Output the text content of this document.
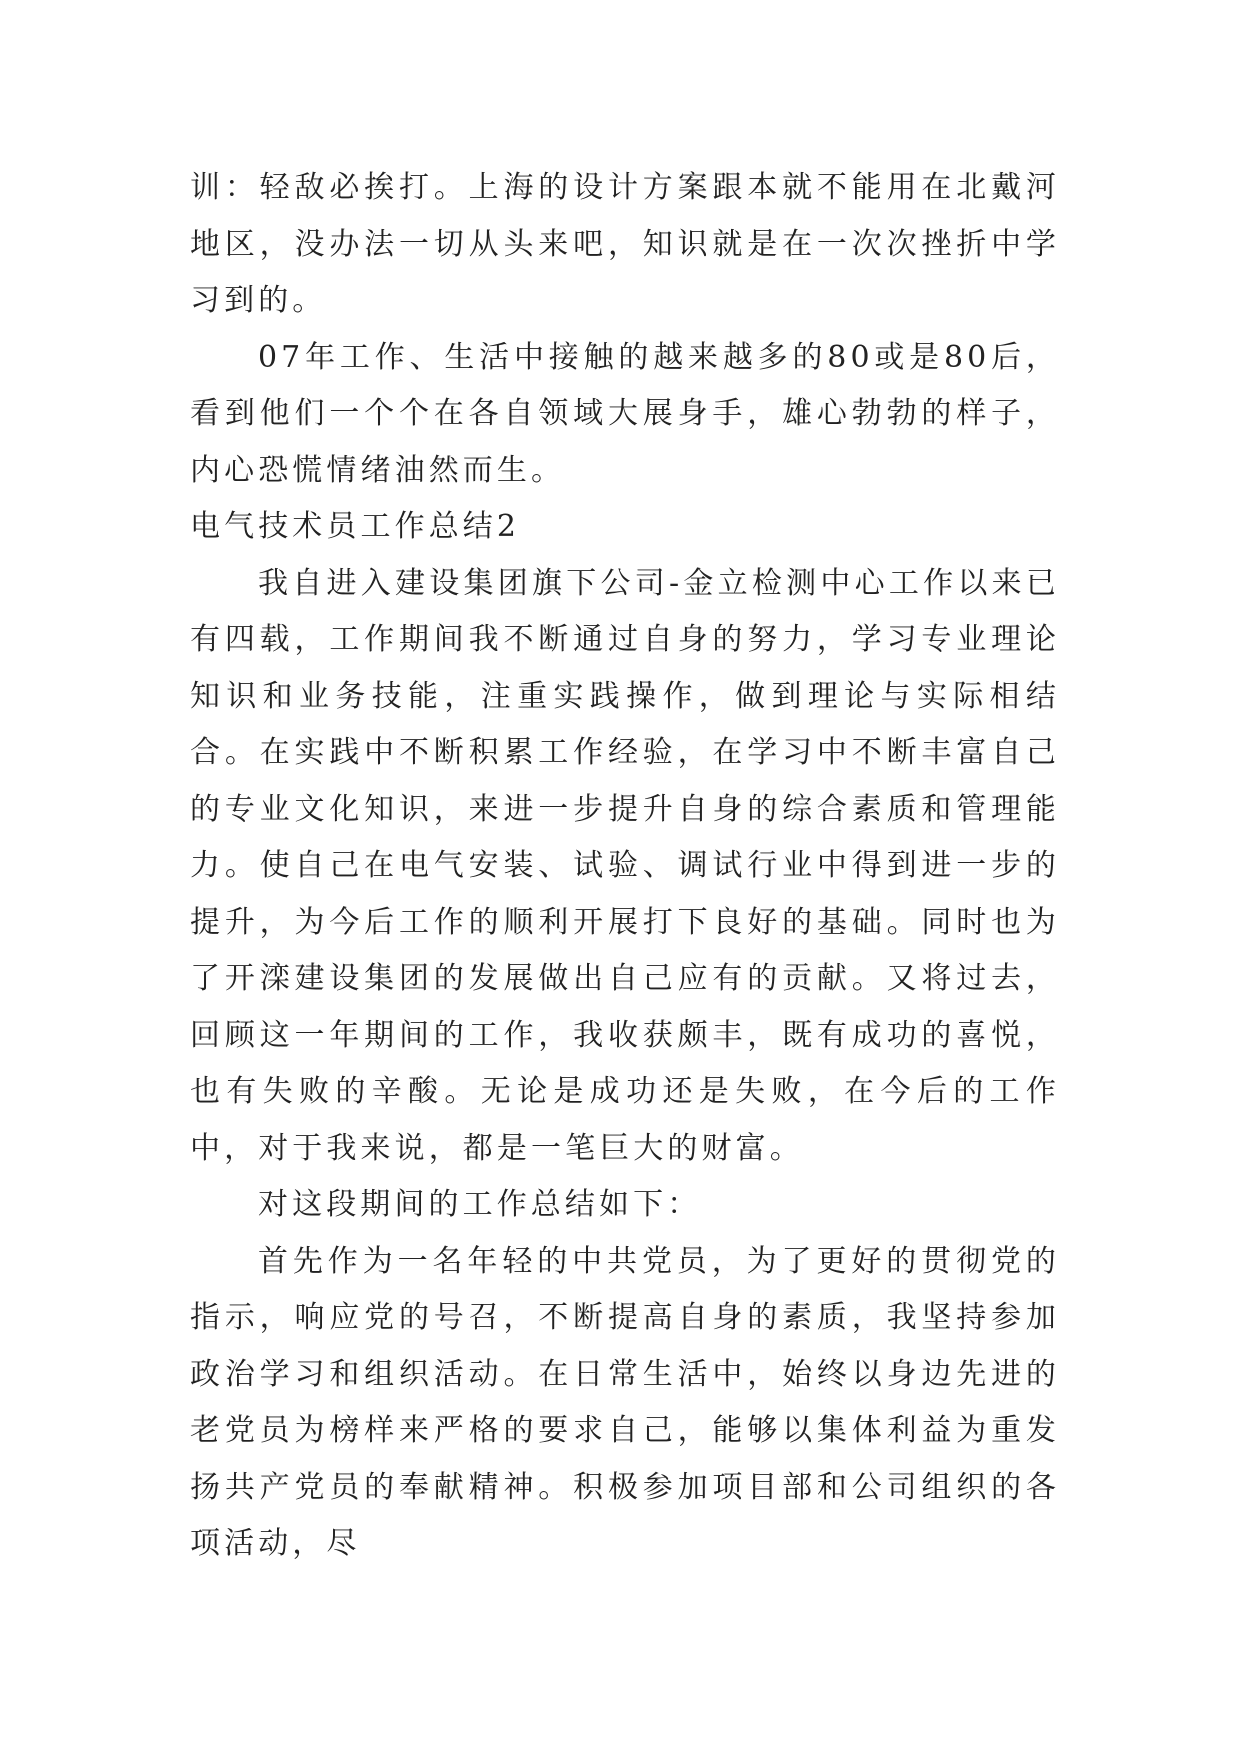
训：轻敌必挨打。上海的设计方案跟本就不能用在北戴河地区，没办法一切从头来吧，知识就是在一次次挫折中学习到的。

07年工作、生活中接触的越来越多的80或是80后，看到他们一个个在各自领域大展身手，雄心勃勃的样子，内心恐慌情绪油然而生。

电气技术员工作总结2

我自进入建设集团旗下公司-金立检测中心工作以来已有四载，工作期间我不断通过自身的努力，学习专业理论知识和业务技能，注重实践操作，做到理论与实际相结合。在实践中不断积累工作经验，在学习中不断丰富自己的专业文化知识，来进一步提升自身的综合素质和管理能力。使自己在电气安装、试验、调试行业中得到进一步的提升，为今后工作的顺利开展打下良好的基础。同时也为了开滦建设集团的发展做出自己应有的贡献。又将过去，回顾这一年期间的工作，我收获颇丰，既有成功的喜悦，也有失败的辛酸。无论是成功还是失败，在今后的工作中，对于我来说，都是一笔巨大的财富。

对这段期间的工作总结如下：

首先作为一名年轻的中共党员，为了更好的贯彻党的指示，响应党的号召，不断提高自身的素质，我坚持参加政治学习和组织活动。在日常生活中，始终以身边先进的老党员为榜样来严格的要求自己，能够以集体利益为重发扬共产党员的奉献精神。积极参加项目部和公司组织的各项活动，尽
